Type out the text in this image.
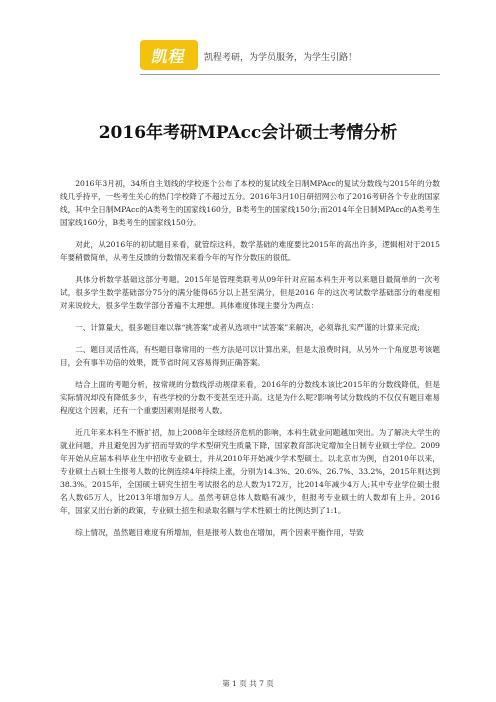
凯程 凯程考研，为学员服务，为学生引路！
2016年考研MPAcc会计硕士考情分析

2016年3月初，34所自主划线的学校逐个公布了本校的复试线全日制MPAcc的复试分数线与2015年的分数线几乎持平，一些考生关心的热门学校降了不超过五分。2016年3月10日研招网公布了2016考研各个专业的国家线，其中全日制MPAcc的A类考生的国家线160分，B类考生的国家线150分;而2014年全日制MPAcc的A类考生国家线160分，B类考生的国家线150分。

对此，从2016年的初试题目来看，就管综这科，数学基础的难度要比2015年的高出许多，逻辑相对于2015年要稍微简单，从考生反馈的分数情况来看今年的写作分数压的很低。

具体分析数学基础这部分考题。2015年是管理类联考从09年针对应届本科生开考以来题目最简单的一次考试，很多学生数学基础部分75分的满分能得65分以上甚至满分，但是2016 年的这次考试数学基础部分的难度相对来说较大，很多学生数学部分普遍不太理想。具体难度体现主要分为两点：

一、计算量大，很多题目难以靠“挑答案”或者从选项中“试答案”来解决，必须靠扎实严谨的计算来完成;

二、题目灵活性高，有些题目靠常用的一些方法是可以计算出来，但是太浪费时间，从另外一个角度思考该题目，会有事半功倍的效果，既节省时间又容易得到正确答案。

结合上面的考题分析，按常规的分数线浮动规律来看，2016年的分数线本该比2015年的分数线降低，但是实际情况却没有降低多少，有些学校的分数不变甚至还升高。这是为什么呢?影响考试分数线的不仅仅有题目难易程度这个因素，还有一个重要因素则是报考人数。

近几年来本科生不断扩招，加上2008年全球经济危机的影响，本科生就业问题越加突出。为了解决大学生的就业问题，并且避免因为扩招而导致的学术型研究生质量下降，国家教育部决定增加全日制专业硕士学位。2009 年开始从应届本科毕业生中招收专业硕士，并从2010年开始减少学术型硕士。以北京市为例，自2010年以来，专业硕士占硕士生报考人数的比例连续4年持续上涨，分别为14.3%、20.6%、26.7%、33.2%，2015年则达到38.3%。2015年，全国硕士研究生招生考试报名的总人数为172万，比2014年减少4万人;其中专业学位硕士报名人数65万人，比2013年增加9万人。虽然考研总体人数略有减少，但报考专业硕士的人数却有上升。2016 年，国家又出台新的政策，专业硕士招生和录取名额与学术性硕士的比例达到了1:1。

综上情况，虽然题目难度有所增加，但是报考人数也在增加，两个因素平衡作用，导致

第 1 页 共 7 页
